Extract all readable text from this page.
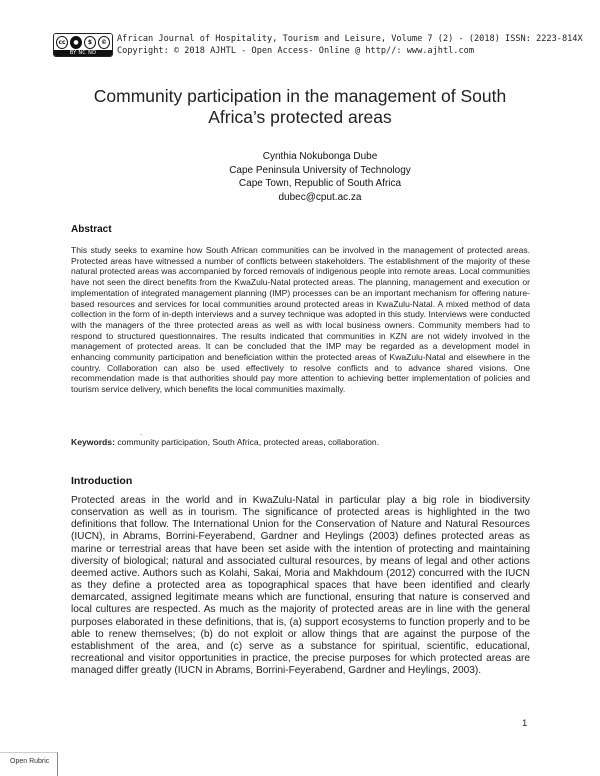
cc	●	$	©
BY NC ND
African Journal of Hospitality, Tourism and Leisure, Volume 7 (2) - (2018) ISSN: 2223-814X
Copyright: © 2018 AJHTL - Open Access- Online @ http//: www.ajhtl.com
Community participation in the management of South
Africa’s protected areas
Cynthia Nokubonga Dube
Cape Peninsula University of Technology
Cape Town, Republic of South Africa
dubec@cput.ac.za
Abstract

This study seeks to examine how South African communities can be involved in the management of protected areas. Protected areas have witnessed a number of conflicts between stakeholders. The establishment of the majority of these natural protected areas was accompanied by forced removals of indigenous people into remote areas. Local communities have not seen the direct benefits from the KwaZulu-Natal protected areas. The planning, management and execution or implementation of integrated management planning (IMP) processes can be an important mechanism for offering nature-based resources and services for local communities around protected areas in KwaZulu-Natal. A mixed method of data collection in the form of in-depth interviews and a survey technique was adopted in this study. Interviews were conducted with the managers of the three protected areas as well as with local business owners. Community members had to respond to structured questionnaires. The results indicated that communities in KZN are not widely involved in the management of protected areas. It can be concluded that the IMP may be regarded as a development model in enhancing community participation and beneficiation within the protected areas of KwaZulu-Natal and elsewhere in the country. Collaboration can also be used effectively to resolve conflicts and to advance shared visions. One recommendation made is that authorities should pay more attention to achieving better implementation of policies and tourism service delivery, which benefits the local communities maximally.

.
Keywords: community participation, South Africa, protected areas, collaboration.
Introduction

Protected areas in the world and in KwaZulu-Natal in particular play a big role in biodiversity conservation as well as in tourism. The significance of protected areas is highlighted in the two definitions that follow. The International Union for the Conservation of Nature and Natural Resources (IUCN), in Abrams, Borrini-Feyerabend, Gardner and Heylings (2003) defines protected areas as marine or terrestrial areas that have been set aside with the intention of protecting and maintaining diversity of biological; natural and associated cultural resources, by means of legal and other actions deemed active. Authors such as Kolahi, Sakai, Moria and Makhdoum (2012) concurred with the IUCN as they define a protected area as topographical spaces that have been identified and clearly demarcated, assigned legitimate means which are functional, ensuring that nature is conserved and local cultures are respected. As much as the majority of protected areas are in line with the general purposes elaborated in these definitions, that is, (a) support ecosystems to function properly and to be able to renew themselves; (b) do not exploit or allow things that are against the purpose of the establishment of the area, and (c) serve as a substance for spiritual, scientific, educational, recreational and visitor opportunities in practice, the precise purposes for which protected areas are managed differ greatly (IUCN in Abrams, Borrini-Feyerabend, Gardner and Heylings, 2003).

1
Open Rubric
